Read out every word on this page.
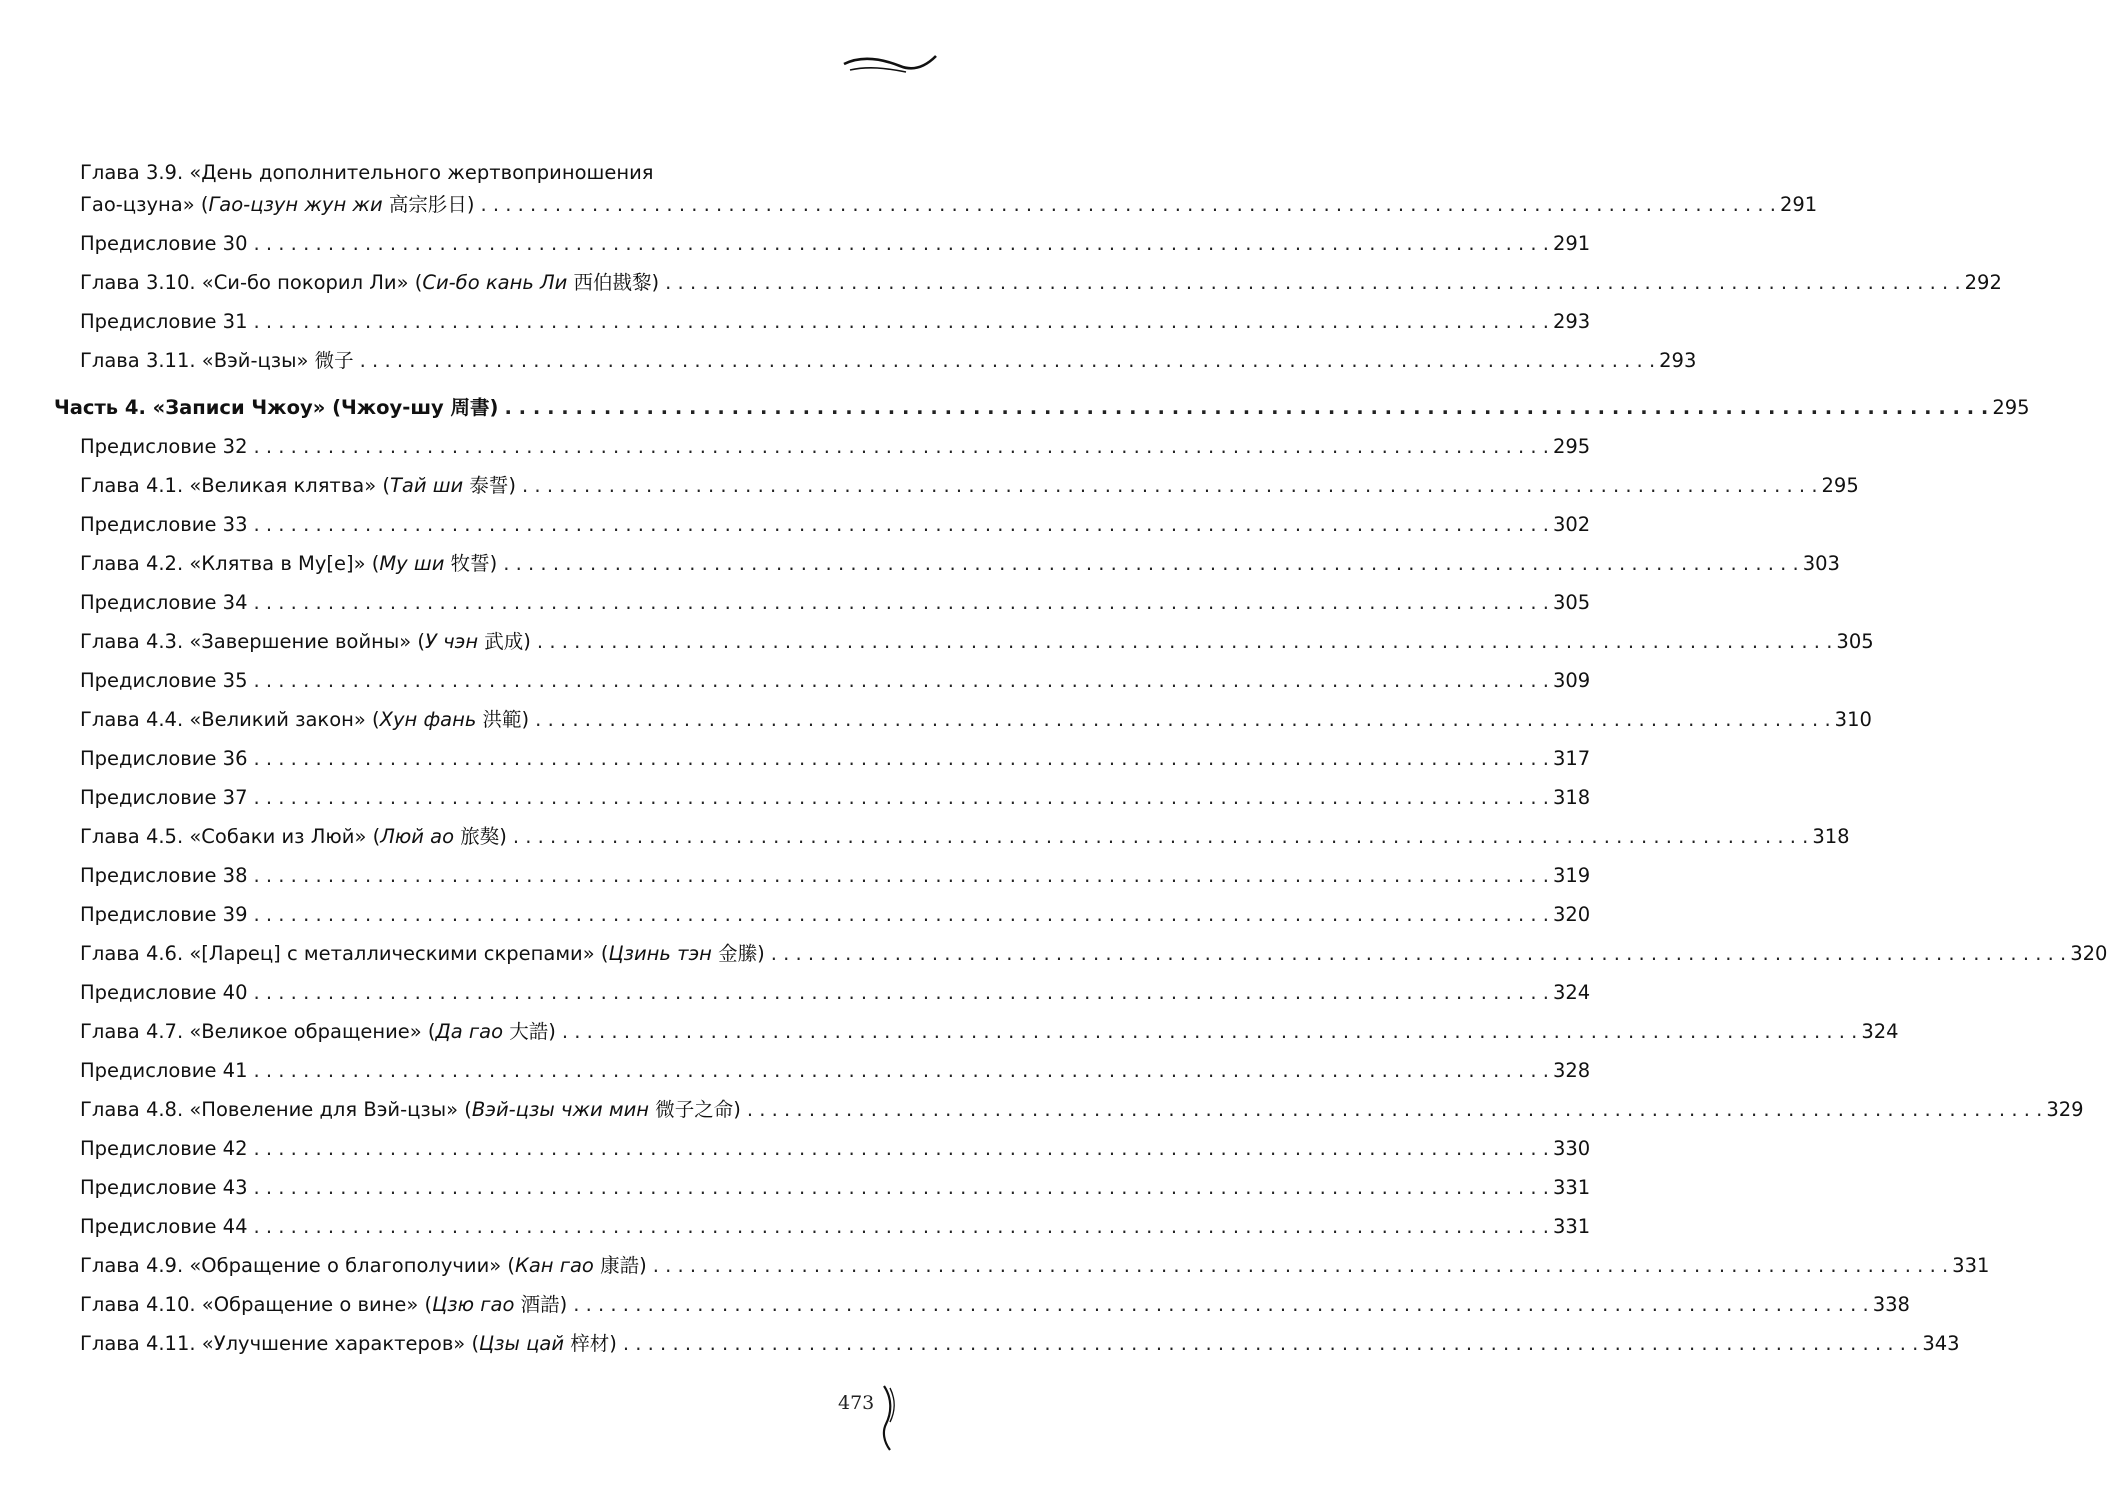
Глава 3.9. «День дополнительного жертвоприношения
Гао-цзуна» (Гао-цзун жун жи 高宗肜日) . . .	291
Предисловие 30 . . .	291
Глава 3.10. «Си-бо покорил Ли» (Си-бо кань Ли 西伯戡黎) . . .	292
Предисловие 31 . . .	293
Глава 3.11. «Вэй-цзы» 微子 . . .	293
Часть 4. «Записи Чжоу» (Чжоу-шу 周書) . . .	295
Предисловие 32 . . .	295
Глава 4.1. «Великая клятва» (Тай ши 泰誓) . . .	295
Предисловие 33 . . .	302
Глава 4.2. «Клятва в Му[е]» (Му ши 牧誓) . . .	303
Предисловие 34 . . .	305
Глава 4.3. «Завершение войны» (У чэн 武成) . . .	305
Предисловие 35 . . .	309
Глава 4.4. «Великий закон» (Хун фань 洪範) . . .	310
Предисловие 36 . . .	317
Предисловие 37 . . .	318
Глава 4.5. «Собаки из Люй» (Люй ао 旅獒) . . .	318
Предисловие 38 . . .	319
Предисловие 39 . . .	320
Глава 4.6. «[Ларец] с металлическими скрепами» (Цзинь тэн 金縢) . . .	320
Предисловие 40 . . .	324
Глава 4.7. «Великое обращение» (Да гао 大誥) . . .	324
Предисловие 41 . . .	328
Глава 4.8. «Повеление для Вэй-цзы» (Вэй-цзы чжи мин 微子之命) . . .	329
Предисловие 42 . . .	330
Предисловие 43 . . .	331
Предисловие 44 . . .	331
Глава 4.9. «Обращение о благополучии» (Кан гао 康誥) . . .	331
Глава 4.10. «Обращение о вине» (Цзю гао 酒誥) . . .	338
Глава 4.11. «Улучшение характеров» (Цзы цай 梓材) . . .	343
473
